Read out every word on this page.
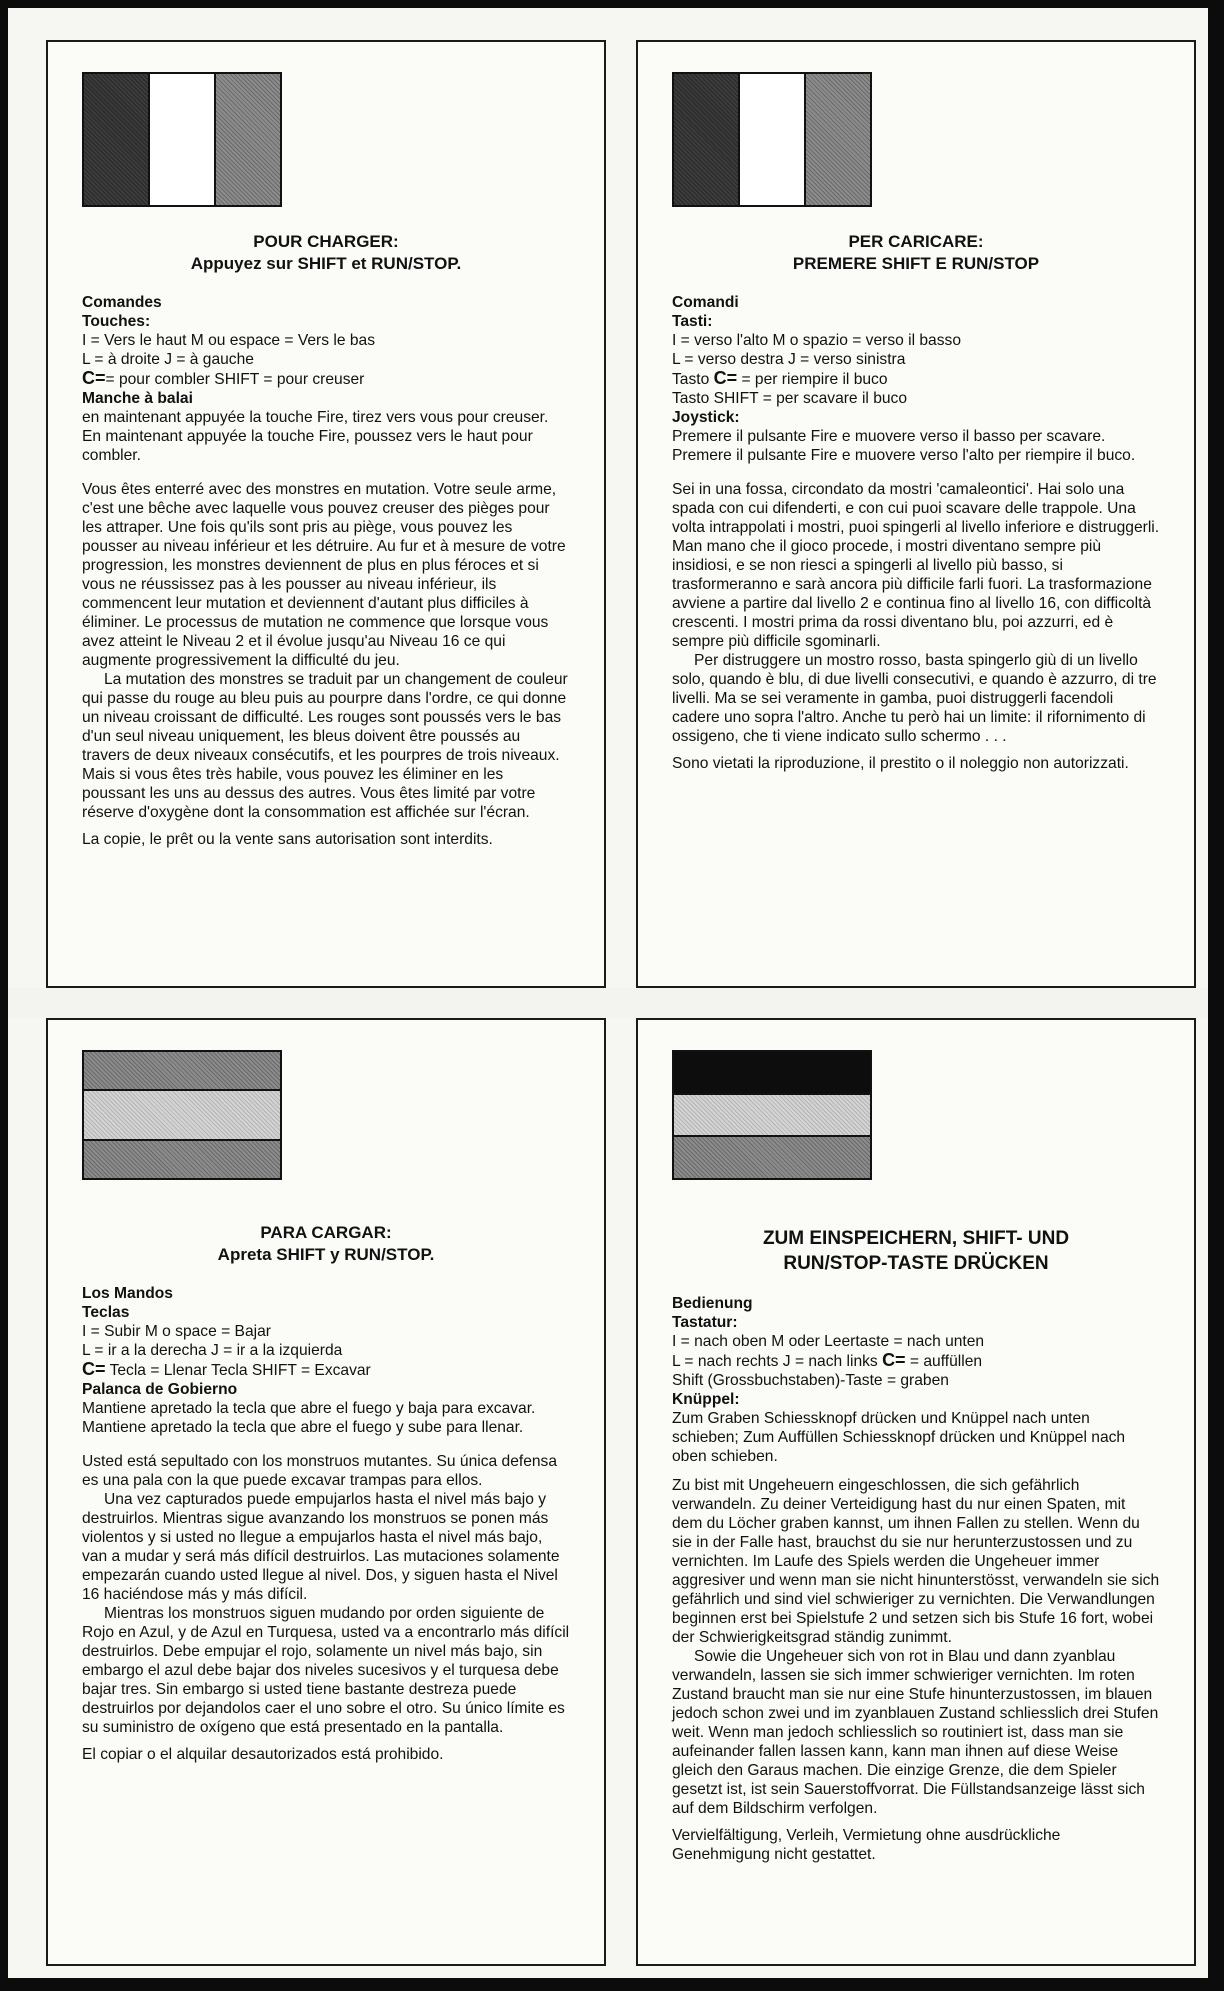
POUR CHARGER:
Appuyez sur SHIFT et RUN/STOP.

Comandes

Touches:

I = Vers le haut M ou espace = Vers le bas

L = à droite J = à gauche

C== pour combler SHIFT = pour creuser

Manche à balai

en maintenant appuyée la touche Fire, tirez vers vous pour creuser.

En maintenant appuyée la touche Fire, poussez vers le haut pour combler.

Vous êtes enterré avec des monstres en mutation. Votre seule arme, c'est une bêche avec laquelle vous pouvez creuser des pièges pour les attraper. Une fois qu'ils sont pris au piège, vous pouvez les pousser au niveau inférieur et les détruire. Au fur et à mesure de votre progression, les monstres deviennent de plus en plus féroces et si vous ne réussissez pas à les pousser au niveau inférieur, ils commencent leur mutation et deviennent d'autant plus difficiles à éliminer. Le processus de mutation ne commence que lorsque vous avez atteint le Niveau 2 et il évolue jusqu'au Niveau 16 ce qui augmente progressivement la difficulté du jeu.

La mutation des monstres se traduit par un changement de couleur qui passe du rouge au bleu puis au pourpre dans l'ordre, ce qui donne un niveau croissant de difficulté. Les rouges sont poussés vers le bas d'un seul niveau uniquement, les bleus doivent être poussés au travers de deux niveaux consécutifs, et les pourpres de trois niveaux. Mais si vous êtes très habile, vous pouvez les éliminer en les poussant les uns au dessus des autres. Vous êtes limité par votre réserve d'oxygène dont la consommation est affichée sur l'écran.

La copie, le prêt ou la vente sans autorisation sont interdits.

PER CARICARE:
PREMERE SHIFT E RUN/STOP

Comandi

Tasti:

I = verso l'alto M o spazio = verso il basso

L = verso destra J = verso sinistra

Tasto C= = per riempire il buco

Tasto SHIFT = per scavare il buco

Joystick:

Premere il pulsante Fire e muovere verso il basso per scavare.

Premere il pulsante Fire e muovere verso l'alto per riempire il buco.

Sei in una fossa, circondato da mostri 'camaleontici'. Hai solo una spada con cui difenderti, e con cui puoi scavare delle trappole. Una volta intrappolati i mostri, puoi spingerli al livello inferiore e distruggerli. Man mano che il gioco procede, i mostri diventano sempre più insidiosi, e se non riesci a spingerli al livello più basso, si trasformeranno e sarà ancora più difficile farli fuori. La trasformazione avviene a partire dal livello 2 e continua fino al livello 16, con difficoltà crescenti. I mostri prima da rossi diventano blu, poi azzurri, ed è sempre più difficile sgominarli.

Per distruggere un mostro rosso, basta spingerlo giù di un livello solo, quando è blu, di due livelli consecutivi, e quando è azzurro, di tre livelli. Ma se sei veramente in gamba, puoi distruggerli facendoli cadere uno sopra l'altro. Anche tu però hai un limite: il rifornimento di ossigeno, che ti viene indicato sullo schermo . . .

Sono vietati la riproduzione, il prestito o il noleggio non autorizzati.

PARA CARGAR:
Apreta SHIFT y RUN/STOP.

Los Mandos

Teclas

I = Subir M o space = Bajar

L = ir a la derecha J = ir a la izquierda

C= Tecla = Llenar Tecla SHIFT = Excavar

Palanca de Gobierno

Mantiene apretado la tecla que abre el fuego y baja para excavar. Mantiene apretado la tecla que abre el fuego y sube para llenar.

Usted está sepultado con los monstruos mutantes. Su única defensa es una pala con la que puede excavar trampas para ellos.

Una vez capturados puede empujarlos hasta el nivel más bajo y destruirlos. Mientras sigue avanzando los monstruos se ponen más violentos y si usted no llegue a empujarlos hasta el nivel más bajo, van a mudar y será más difícil destruirlos. Las mutaciones solamente empezarán cuando usted llegue al nivel. Dos, y siguen hasta el Nivel 16 haciéndose más y más difícil.

Mientras los monstruos siguen mudando por orden siguiente de Rojo en Azul, y de Azul en Turquesa, usted va a encontrarlo más difícil destruirlos. Debe empujar el rojo, solamente un nivel más bajo, sin embargo el azul debe bajar dos niveles sucesivos y el turquesa debe bajar tres. Sin embargo si usted tiene bastante destreza puede destruirlos por dejandolos caer el uno sobre el otro. Su único límite es su suministro de oxígeno que está presentado en la pantalla.

El copiar o el alquilar desautorizados está prohibido.

ZUM EINSPEICHERN, SHIFT- UND
RUN/STOP-TASTE DRÜCKEN

Bedienung

Tastatur:

I = nach oben M oder Leertaste = nach unten

L = nach rechts J = nach links C= = auffüllen

Shift (Grossbuchstaben)-Taste = graben

Knüppel:

Zum Graben Schiessknopf drücken und Knüppel nach unten schieben; Zum Auffüllen Schiessknopf drücken und Knüppel nach oben schieben.

Zu bist mit Ungeheuern eingeschlossen, die sich gefährlich verwandeln. Zu deiner Verteidigung hast du nur einen Spaten, mit dem du Löcher graben kannst, um ihnen Fallen zu stellen. Wenn du sie in der Falle hast, brauchst du sie nur herunterzustossen und zu vernichten. Im Laufe des Spiels werden die Ungeheuer immer aggresiver und wenn man sie nicht hinunterstösst, verwandeln sie sich gefährlich und sind viel schwieriger zu vernichten. Die Verwandlungen beginnen erst bei Spielstufe 2 und setzen sich bis Stufe 16 fort, wobei der Schwierigkeitsgrad ständig zunimmt.

Sowie die Ungeheuer sich von rot in Blau und dann zyanblau verwandeln, lassen sie sich immer schwieriger vernichten. Im roten Zustand braucht man sie nur eine Stufe hinunterzustossen, im blauen jedoch schon zwei und im zyanblauen Zustand schliesslich drei Stufen weit. Wenn man jedoch schliesslich so routiniert ist, dass man sie aufeinander fallen lassen kann, kann man ihnen auf diese Weise gleich den Garaus machen. Die einzige Grenze, die dem Spieler gesetzt ist, ist sein Sauerstoffvorrat. Die Füllstandsanzeige lässt sich auf dem Bildschirm verfolgen.

Vervielfältigung, Verleih, Vermietung ohne ausdrückliche Genehmigung nicht gestattet.
